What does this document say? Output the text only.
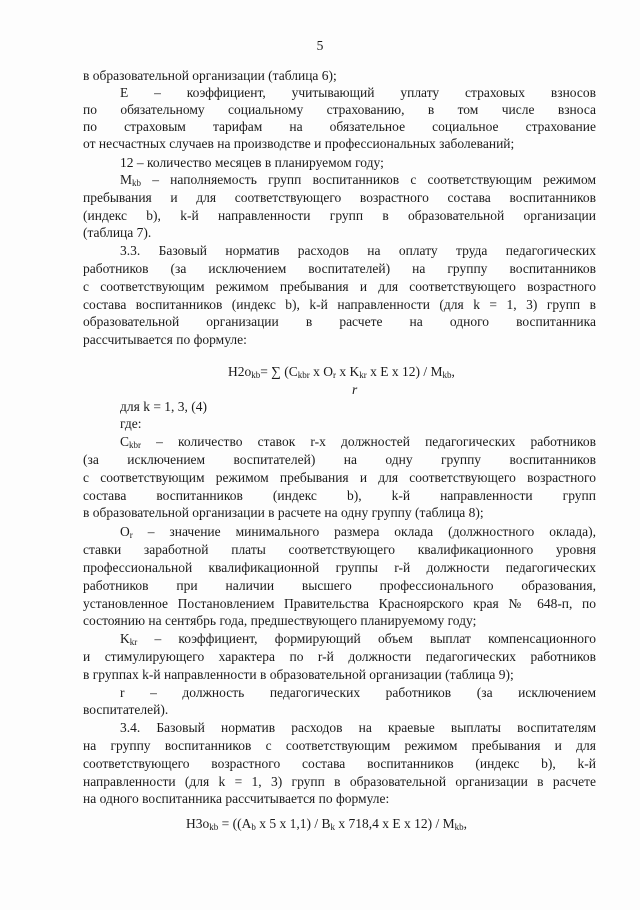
5
в образовательной организации (таблица 6);
E – коэффициент, учитывающий уплату страховых взносов
по обязательному социальному страхованию, в том числе взноса
по страховым тарифам на обязательное социальное страхование
от несчастных случаев на производстве и профессиональных заболеваний;
12 – количество месяцев в планируемом году;
$M_{kb}$ – наполняемость групп воспитанников с соответствующим режимом
пребывания и для соответствующего возрастного состава воспитанников
(индекс b), k-й направленности групп в образовательной организации
(таблица 7).
3.3. Базовый норматив расходов на оплату труда педагогических
работников (за исключением воспитателей) на группу воспитанников
с соответствующим режимом пребывания и для соответствующего возрастного
состава воспитанников (индекс b), k-й направленности (для k = 1, 3) групп в
образовательной организации в расчете на одного воспитанника
рассчитывается по формуле:
$H2o_{kb}=$ ∑ ($C_{kbr}$ x $O_r$ x $K_{kr}$ x E x $12) / M_{kb}$,
r
для k = 1, 3, (4)
где:
$C_{kbr}$ – количество ставок r-х должностей педагогических работников
(за исключением воспитателей) на одну группу воспитанников
с соответствующим режимом пребывания и для соответствующего возрастного
состава воспитанников (индекс b), k-й направленности групп
в образовательной организации в расчете на одну группу (таблица 8);
$O_r$ – значение минимального размера оклада (должностного оклада),
ставки заработной платы соответствующего квалификационного уровня
профессиональной квалификационной группы r-й должности педагогических
работников при наличии высшего профессионального образования,
установленное Постановлением Правительства Красноярского края № 648-п, по
состоянию на сентябрь года, предшествующего планируемому году;
$K_{kr}$ – коэффициент, формирующий объем выплат компенсационного
и стимулирующего характера по r-й должности педагогических работников
в группах k-й направленности в образовательной организации (таблица 9);
r – должность педагогических работников (за исключением
воспитателей).
3.4. Базовый норматив расходов на краевые выплаты воспитателям
на группу воспитанников с соответствующим режимом пребывания и для
соответствующего возрастного состава воспитанников (индекс b), k-й
направленности (для k = 1, 3) групп в образовательной организации в расчете
на одного воспитанника рассчитывается по формуле:
$H3o_{kb} = ((A_b$ x 5 x $1,1) / B_k$ x 718,4 x E x $12) / M_{kb}$,
